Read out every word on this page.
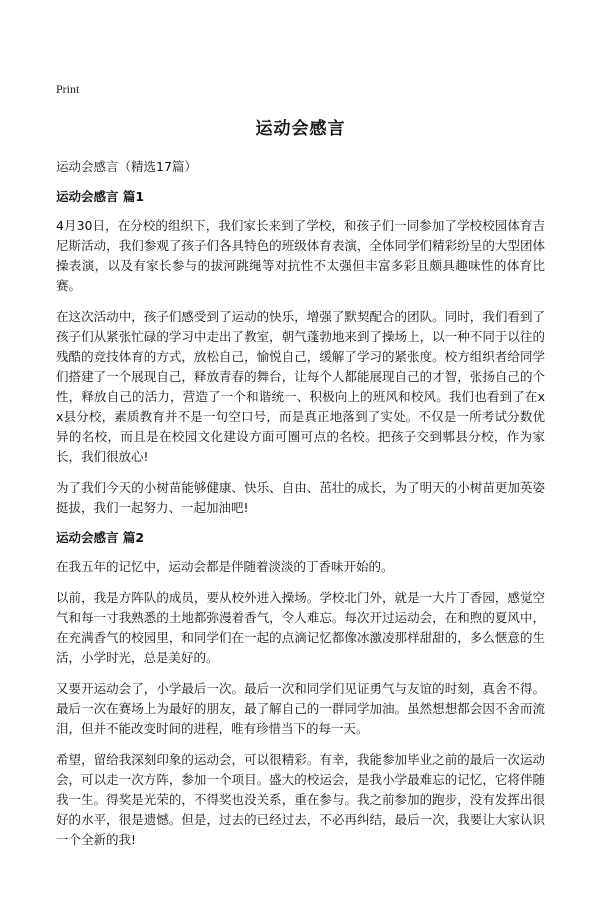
Print
运动会感言
运动会感言（精选17篇）
运动会感言 篇1

4月30日，在分校的组织下，我们家长来到了学校，和孩子们一同参加了学校校园体育吉尼斯活动，我们参观了孩子们各具特色的班级体育表演，全体同学们精彩纷呈的大型团体操表演，以及有家长参与的拔河跳绳等对抗性不太强但丰富多彩且颇具趣味性的体育比赛。

在这次活动中，孩子们感受到了运动的快乐，增强了默契配合的团队。同时，我们看到了孩子们从紧张忙碌的学习中走出了教室，朝气蓬勃地来到了操场上，以一种不同于以往的残酷的竞技体育的方式，放松自己，愉悦自己，缓解了学习的紧张度。校方组织者给同学们搭建了一个展现自己，释放青春的舞台，让每个人都能展现自己的才智，张扬自己的个性，释放自己的活力，营造了一个和谐统一、积极向上的班风和校风。我们也看到了在xx县分校，素质教育并不是一句空口号，而是真正地落到了实处。不仅是一所考试分数优异的名校，而且是在校园文化建设方面可圈可点的名校。把孩子交到郫县分校，作为家长，我们很放心!

为了我们今天的小树苗能够健康、快乐、自由、茁壮的成长，为了明天的小树苗更加英姿挺拔，我们一起努力、一起加油吧!

运动会感言 篇2

在我五年的记忆中，运动会都是伴随着淡淡的丁香味开始的。

以前，我是方阵队的成员，要从校外进入操场。学校北门外，就是一大片丁香园，感觉空气和每一寸我熟悉的土地都弥漫着香气，令人难忘。每次开过运动会，在和煦的夏风中，在充满香气的校园里，和同学们在一起的点滴记忆都像冰激凌那样甜甜的，多么惬意的生活，小学时光，总是美好的。

又要开运动会了，小学最后一次。最后一次和同学们见证勇气与友谊的时刻，真舍不得。最后一次在赛场上为最好的朋友，最了解自己的一群同学加油。虽然想想都会因不舍而流泪，但并不能改变时间的进程，唯有珍惜当下的每一天。

希望，留给我深刻印象的运动会，可以很精彩。有幸，我能参加毕业之前的最后一次运动会，可以走一次方阵，参加一个项目。盛大的校运会，是我小学最难忘的记忆，它将伴随我一生。得奖是光荣的，不得奖也没关系，重在参与。我之前参加的跑步，没有发挥出很好的水平，很是遗憾。但是，过去的已经过去，不必再纠结，最后一次，我要让大家认识一个全新的我!
